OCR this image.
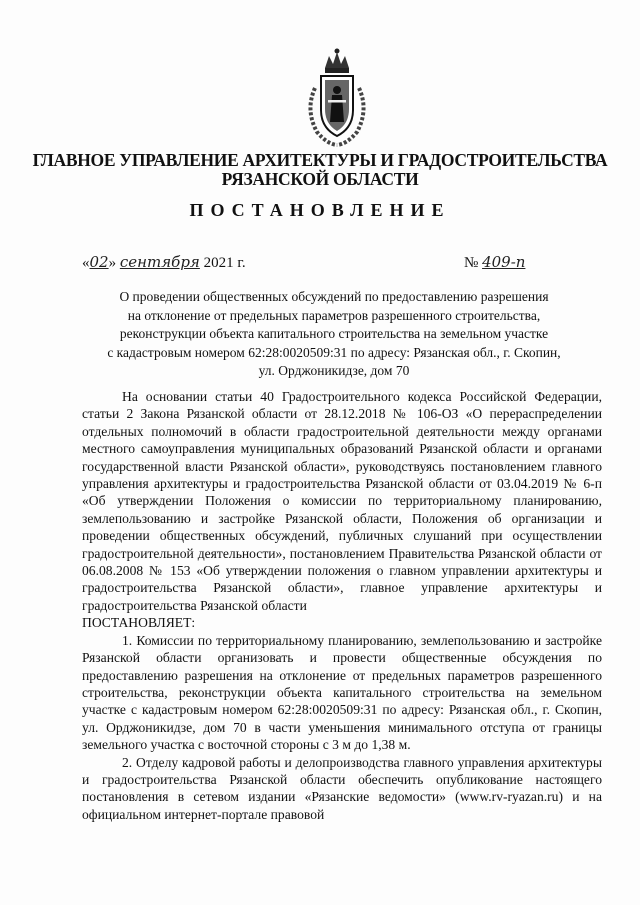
ГЛАВНОЕ УПРАВЛЕНИЕ АРХИТЕКТУРЫ И ГРАДОСТРОИТЕЛЬСТВА
РЯЗАНСКОЙ ОБЛАСТИ
ПОСТАНОВЛЕНИЕ
«02» сентября 2021 г.	№ 409-п
О проведении общественных обсуждений по предоставлению разрешения
на отклонение от предельных параметров разрешенного строительства,
реконструкции объекта капитального строительства на земельном участке
с кадастровым номером 62:28:0020509:31 по адресу: Рязанская обл., г. Скопин,
ул. Орджоникидзе, дом 70

На основании статьи 40 Градостроительного кодекса Российской Федерации, статьи 2 Закона Рязанской области от 28.12.2018 № 106-ОЗ «О перераспределении отдельных полномочий в области градостроительной деятельности между органами местного самоуправления муниципальных образований Рязанской области и органами государственной власти Рязанской области», руководствуясь постановлением главного управления архитектуры и градостроительства Рязанской области от 03.04.2019 № 6-п «Об утверждении Положения о комиссии по территориальному планированию, землепользованию и застройке Рязанской области, Положения об организации и проведении общественных обсуждений, публичных слушаний при осуществлении градостроительной деятельности», постановлением Правительства Рязанской области от 06.08.2008 № 153 «Об утверждении положения о главном управлении архитектуры и градостроительства Рязанской области», главное управление архитектуры и градостроительства Рязанской области

ПОСТАНОВЛЯЕТ:

1. Комиссии по территориальному планированию, землепользованию и застройке Рязанской области организовать и провести общественные обсуждения по предоставлению разрешения на отклонение от предельных параметров разрешенного строительства, реконструкции объекта капитального строительства на земельном участке с кадастровым номером 62:28:0020509:31 по адресу: Рязанская обл., г. Скопин, ул. Орджоникидзе, дом 70 в части уменьшения минимального отступа от границы земельного участка с восточной стороны с 3 м до 1,38 м.

2. Отделу кадровой работы и делопроизводства главного управления архитектуры и градостроительства Рязанской области обеспечить опубликование настоящего постановления в сетевом издании «Рязанские ведомости» (www.rv-ryazan.ru) и на официальном интернет-портале правовой
